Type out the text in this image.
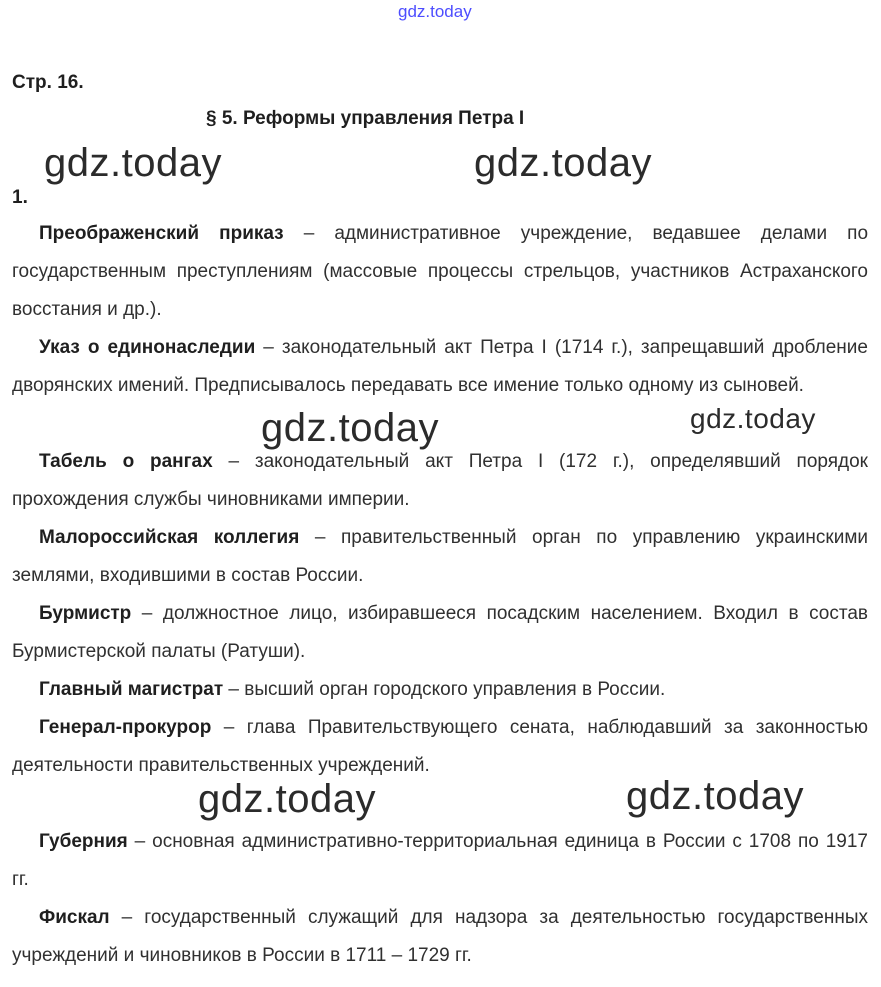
gdz.today
Стр. 16.
§ 5. Реформы управления Петра I
gdz.today	gdz.today
1.

Преображенский приказ – административное учреждение, ведавшее делами по государственным преступлениям (массовые процессы стрельцов, участников Астраханского восстания и др.).

Указ о единонаследии – законодательный акт Петра I (1714 г.), запрещавший дробление дворянских имений. Предписывалось передавать все имение только одному из сыновей.

gdz.today	gdz.today

Табель о рангах – законодательный акт Петра I (172 г.), определявший порядок прохождения службы чиновниками империи.

Малороссийская коллегия – правительственный орган по управлению украинскими землями, входившими в состав России.

Бурмистр – должностное лицо, избиравшееся посадским населением. Входил в состав Бурмистерской палаты (Ратуши).

Главный магистрат – высший орган городского управления в России.

Генерал-прокурор – глава Правительствующего сената, наблюдавший за законностью деятельности правительственных учреждений.

gdz.today	gdz.today

Губерния – основная административно-территориальная единица в России с 1708 по 1917 гг.

Фискал – государственный служащий для надзора за деятельностью государственных учреждений и чиновников в России в 1711 – 1729 гг.
